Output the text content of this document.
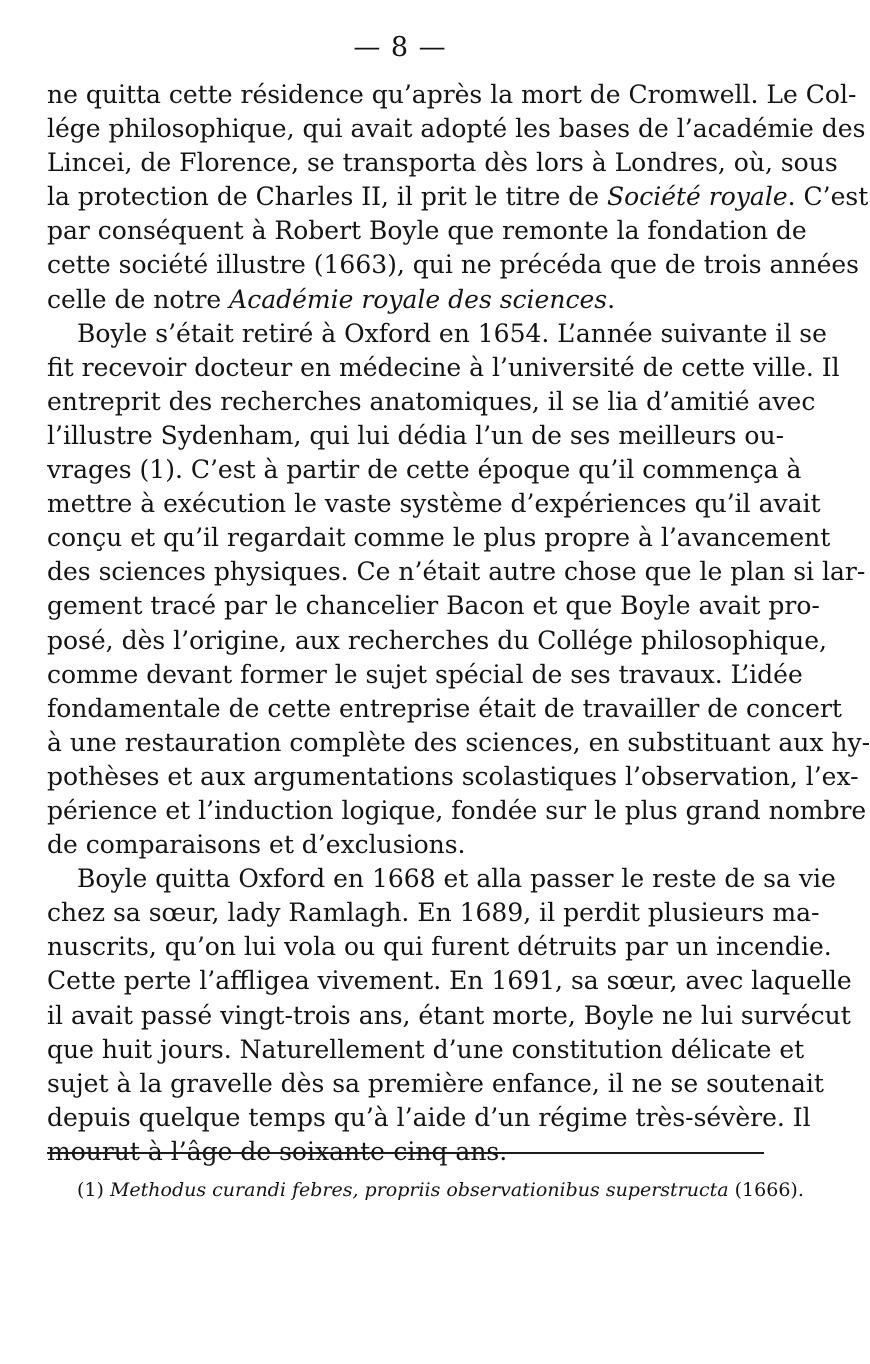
— 8 —
ne quitta cette résidence qu’après la mort de Cromwell. Le Col-
lége philosophique, qui avait adopté les bases de l’académie des
Lincei, de Florence, se transporta dès lors à Londres, où, sous
la protection de Charles II, il prit le titre de Société royale. C’est
par conséquent à Robert Boyle que remonte la fondation de
cette société illustre (1663), qui ne précéda que de trois années
celle de notre Académie royale des sciences.
Boyle s’était retiré à Oxford en 1654. L’année suivante il se
fit recevoir docteur en médecine à l’université de cette ville. Il
entreprit des recherches anatomiques, il se lia d’amitié avec
l’illustre Sydenham, qui lui dédia l’un de ses meilleurs ou-
vrages (1). C’est à partir de cette époque qu’il commença à
mettre à exécution le vaste système d’expériences qu’il avait
conçu et qu’il regardait comme le plus propre à l’avancement
des sciences physiques. Ce n’était autre chose que le plan si lar-
gement tracé par le chancelier Bacon et que Boyle avait pro-
posé, dès l’origine, aux recherches du Collége philosophique,
comme devant former le sujet spécial de ses travaux. L’idée
fondamentale de cette entreprise était de travailler de concert
à une restauration complète des sciences, en substituant aux hy-
pothèses et aux argumentations scolastiques l’observation, l’ex-
périence et l’induction logique, fondée sur le plus grand nombre
de comparaisons et d’exclusions.
Boyle quitta Oxford en 1668 et alla passer le reste de sa vie
chez sa sœur, lady Ramlagh. En 1689, il perdit plusieurs ma-
nuscrits, qu’on lui vola ou qui furent détruits par un incendie.
Cette perte l’affligea vivement. En 1691, sa sœur, avec laquelle
il avait passé vingt-trois ans, étant morte, Boyle ne lui survécut
que huit jours. Naturellement d’une constitution délicate et
sujet à la gravelle dès sa première enfance, il ne se soutenait
depuis quelque temps qu’à l’aide d’un régime très-sévère. Il
mourut à l’âge de soixante-cinq ans.
(1) Methodus curandi febres, propriis observationibus superstructa (1666).
